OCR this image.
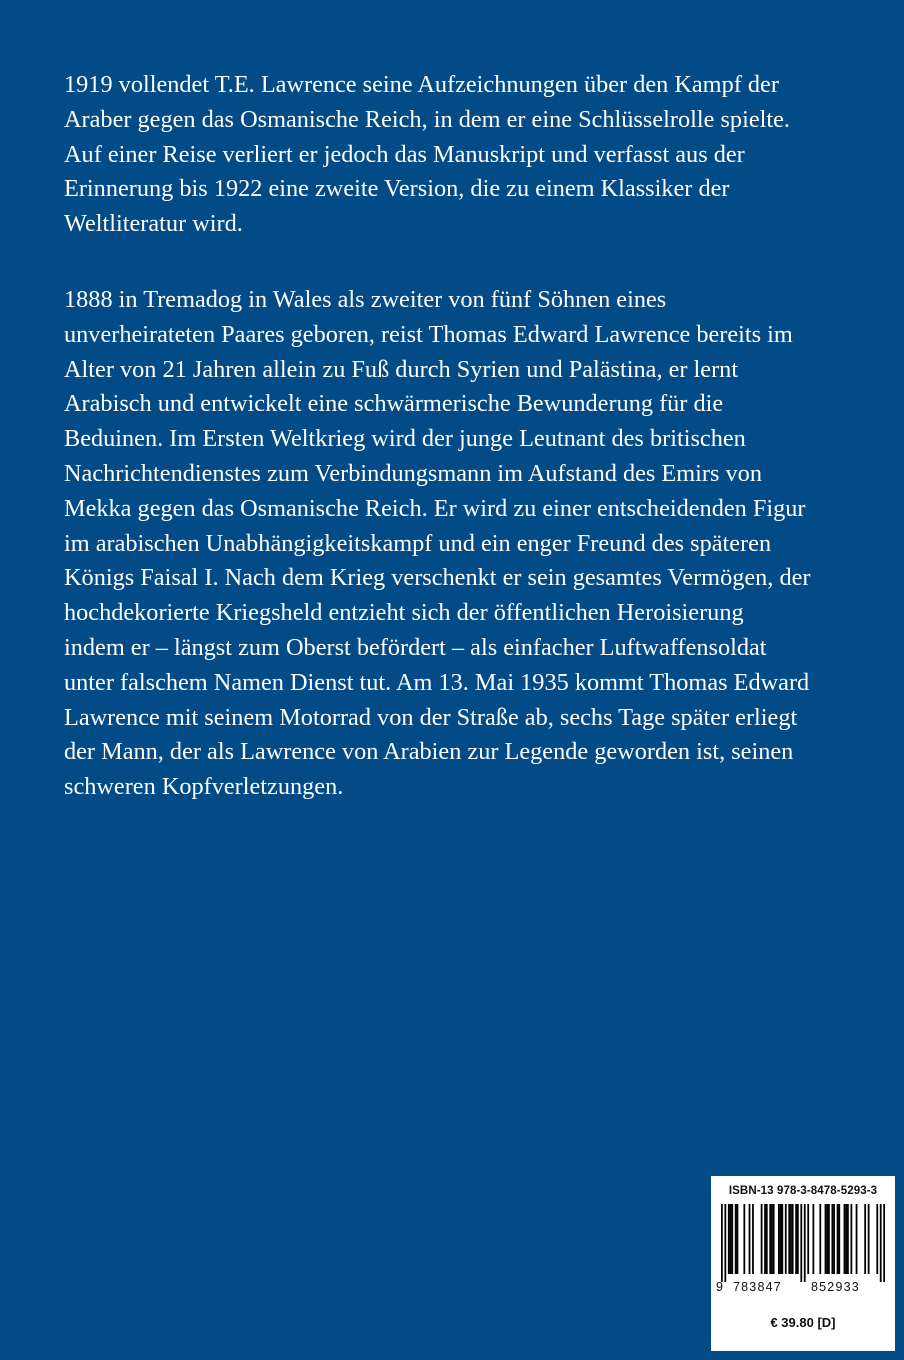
1919 vollendet T.E. Lawrence seine Aufzeichnungen über den Kampf der
Araber gegen das Osmanische Reich, in dem er eine Schlüsselrolle spielte.
Auf einer Reise verliert er jedoch das Manuskript und verfasst aus der
Erinnerung bis 1922 eine zweite Version, die zu einem Klassiker der
Weltliteratur wird.
1888 in Tremadog in Wales als zweiter von fünf Söhnen eines
unverheirateten Paares geboren, reist Thomas Edward Lawrence bereits im
Alter von 21 Jahren allein zu Fuß durch Syrien und Palästina, er lernt
Arabisch und entwickelt eine schwärmerische Bewunderung für die
Beduinen. Im Ersten Weltkrieg wird der junge Leutnant des britischen
Nachrichtendienstes zum Verbindungsmann im Aufstand des Emirs von
Mekka gegen das Osmanische Reich. Er wird zu einer entscheidenden Figur
im arabischen Unabhängigkeitskampf und ein enger Freund des späteren
Königs Faisal I. Nach dem Krieg verschenkt er sein gesamtes Vermögen, der
hochdekorierte Kriegsheld entzieht sich der öffentlichen Heroisierung
indem er – längst zum Oberst befördert – als einfacher Luftwaffensoldat
unter falschem Namen Dienst tut. Am 13. Mai 1935 kommt Thomas Edward
Lawrence mit seinem Motorrad von der Straße ab, sechs Tage später erliegt
der Mann, der als Lawrence von Arabien zur Legende geworden ist, seinen
schweren Kopfverletzungen.
ISBN-13 978-3-8478-5293-3
9 783847 852933
€ 39.80 [D]
